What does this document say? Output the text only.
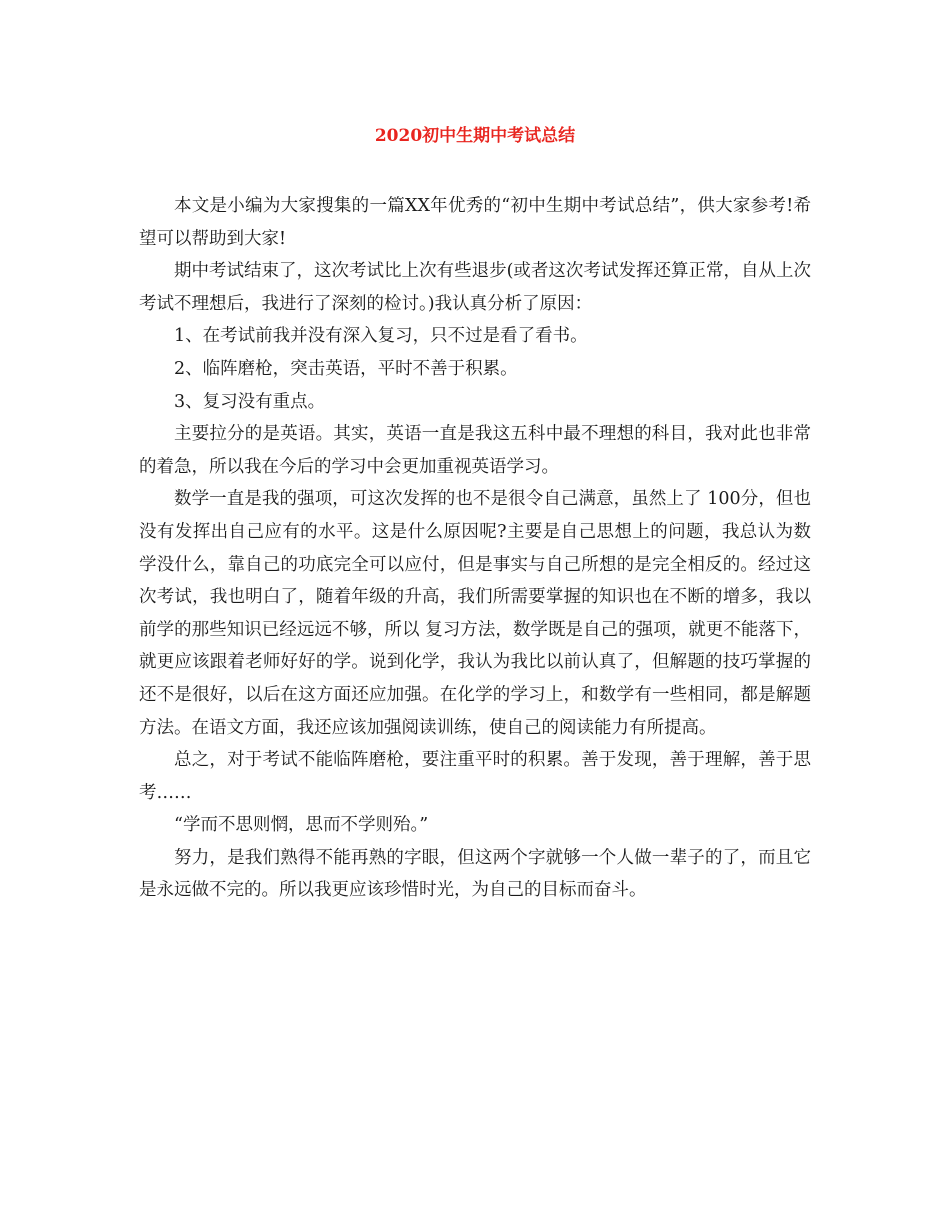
2020初中生期中考试总结

本文是小编为大家搜集的一篇XX年优秀的“初中生期中考试总结”，供大家参考!希望可以帮助到大家!

期中考试结束了，这次考试比上次有些退步(或者这次考试发挥还算正常，自从上次考试不理想后，我进行了深刻的检讨。)我认真分析了原因：

1、在考试前我并没有深入复习，只不过是看了看书。

2、临阵磨枪，突击英语，平时不善于积累。

3、复习没有重点。

主要拉分的是英语。其实，英语一直是我这五科中最不理想的科目，我对此也非常的着急，所以我在今后的学习中会更加重视英语学习。

数学一直是我的强项，可这次发挥的也不是很令自己满意，虽然上了 100分，但也没有发挥出自己应有的水平。这是什么原因呢?主要是自己思想上的问题，我总认为数学没什么，靠自己的功底完全可以应付，但是事实与自己所想的是完全相反的。经过这次考试，我也明白了，随着年级的升高，我们所需要掌握的知识也在不断的增多，我以前学的那些知识已经远远不够，所以 复习方法，数学既是自己的强项，就更不能落下，就更应该跟着老师好好的学。说到化学，我认为我比以前认真了，但解题的技巧掌握的还不是很好，以后在这方面还应加强。在化学的学习上，和数学有一些相同，都是解题方法。在语文方面，我还应该加强阅读训练，使自己的阅读能力有所提高。

总之，对于考试不能临阵磨枪，要注重平时的积累。善于发现，善于理解，善于思考……

“学而不思则惘，思而不学则殆。”

努力，是我们熟得不能再熟的字眼，但这两个字就够一个人做一辈子的了，而且它是永远做不完的。所以我更应该珍惜时光，为自己的目标而奋斗。
